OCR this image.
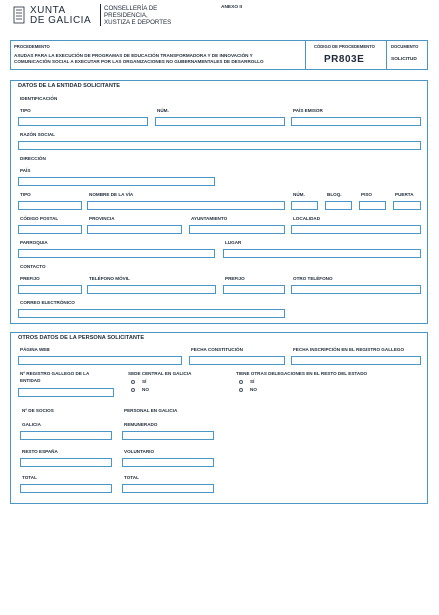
XUNTA
DE GALICIA
CONSELLERÍA DE
PRESIDENCIA,
XUSTIZA E DEPORTES
ANEXO II
PROCEDEMENTO
AXUDAS PARA LA EXECUCIÓN DE PROGRAMAS DE EDUCACIÓN TRANSFORMADORA Y DE INNOVACIÓN Y
COMUNICACIÓN SOCIAL A EXECUTAR POR LAS ORGANIZACIONES NO GUBERNAMENTALES DE DESARROLLO
CÓDIGO DE PROCEDEMENTO
PR803E
DOCUMENTO
SOLICITUD
DATOS DE LA ENTIDAD SOLICITANTE
IDENTIFICACIÓN
TIPO	NÚM.	PAÍS EMISOR
RAZÓN SOCIAL
DIRECCIÓN
PAÍS
TIPO	NOMBRE DE LA VÍA	NÚM.	BLOQ.	PISO	PUERTA
CÓDIGO POSTAL	PROVINCIA	AYUNTAMIENTO	LOCALIDAD
PARROQUIA	LUGAR
CONTACTO
PREFIJO	TELÉFONO MÓVIL	PREFIJO	OTRO TELÉFONO
CORREO ELECTRÓNICO
OTROS DATOS DE LA PERSONA SOLICITANTE
PÁGINA WEB	FECHA CONSTITUCIÓN	FECHA INSCRIPCIÓN EN EL REGISTRO GALLEGO
Nº REGISTRO GALLEGO DE LA
ENTIDAD
SEDE CENTRAL EN GALICIA
SÍ
NO
TIENE OTRAS DELEGACIONES EN EL RESTO DEL ESTADO
SÍ
NO
Nº DE SOCIOS	PERSONAL EN GALICIA
GALICIA	REMUNERADO
RESTO ESPAÑA	VOLUNTARIO
TOTAL	TOTAL
